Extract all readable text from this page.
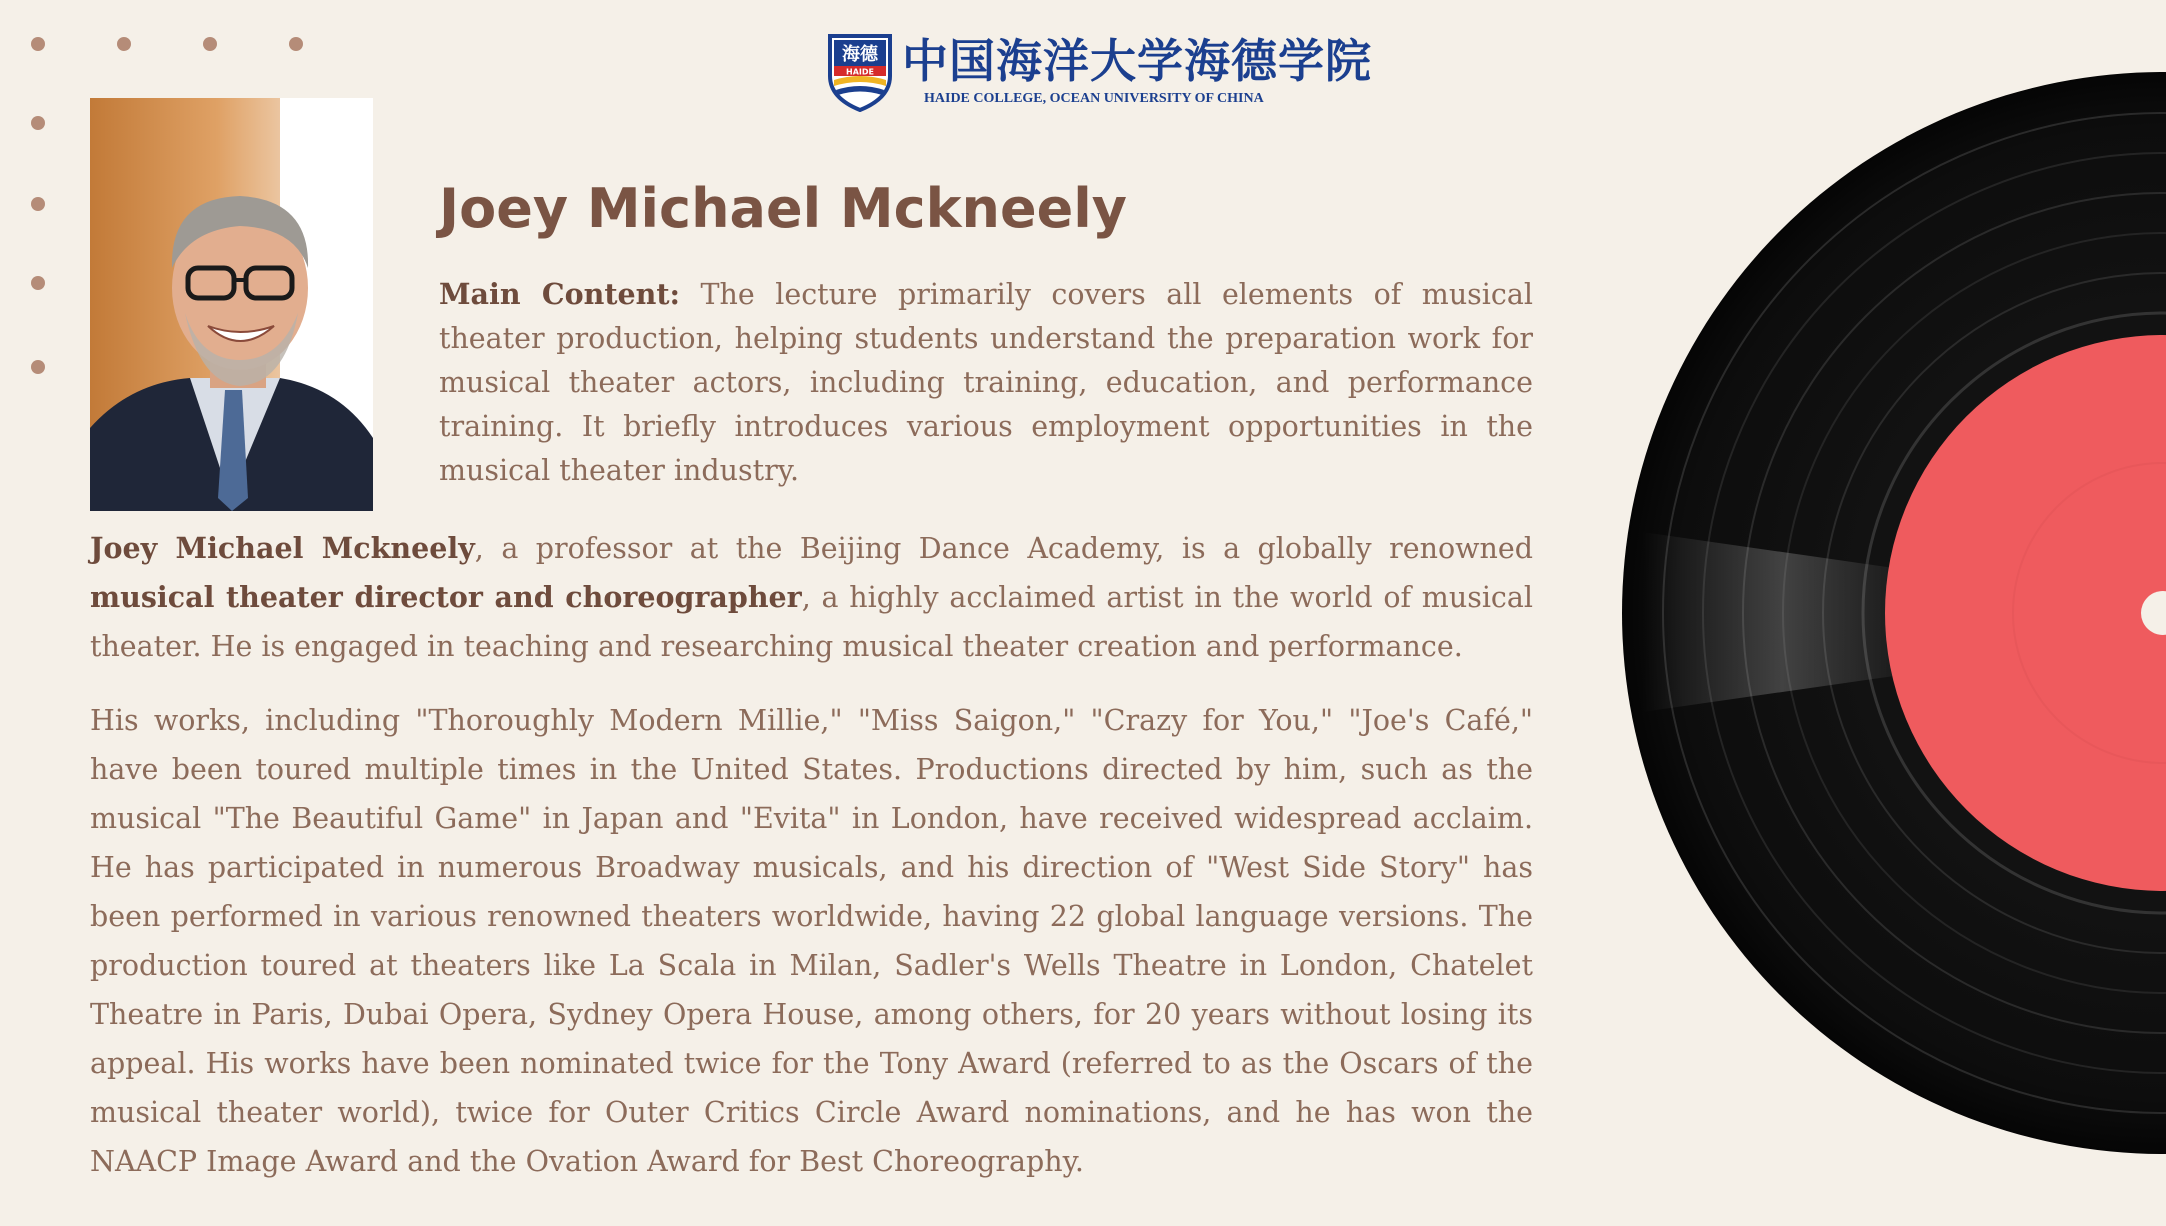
海德
HAIDE 中国海洋大学海德学院
HAIDE COLLEGE, OCEAN UNIVERSITY OF CHINA
Joey Michael Mckneely

Main Content: The lecture primarily covers all elements of musical theater production, helping students understand the preparation work for musical theater actors, including training, education, and performance training. It briefly introduces various employment opportunities in the musical theater industry.

Joey Michael Mckneely, a professor at the Beijing Dance Academy, is a globally renowned musical theater director and choreographer, a highly acclaimed artist in the world of musical theater. He is engaged in teaching and researching musical theater creation and performance.

His works, including "Thoroughly Modern Millie," "Miss Saigon," "Crazy for You," "Joe's Café," have been toured multiple times in the United States. Productions directed by him, such as the musical "The Beautiful Game" in Japan and "Evita" in London, have received widespread acclaim. He has participated in numerous Broadway musicals, and his direction of "West Side Story" has been performed in various renowned theaters worldwide, having 22 global language versions. The production toured at theaters like La Scala in Milan, Sadler's Wells Theatre in London, Chatelet Theatre in Paris, Dubai Opera, Sydney Opera House, among others, for 20 years without losing its appeal. His works have been nominated twice for the Tony Award (referred to as the Oscars of the musical theater world), twice for Outer Critics Circle Award nominations, and he has won the NAACP Image Award and the Ovation Award for Best Choreography.
